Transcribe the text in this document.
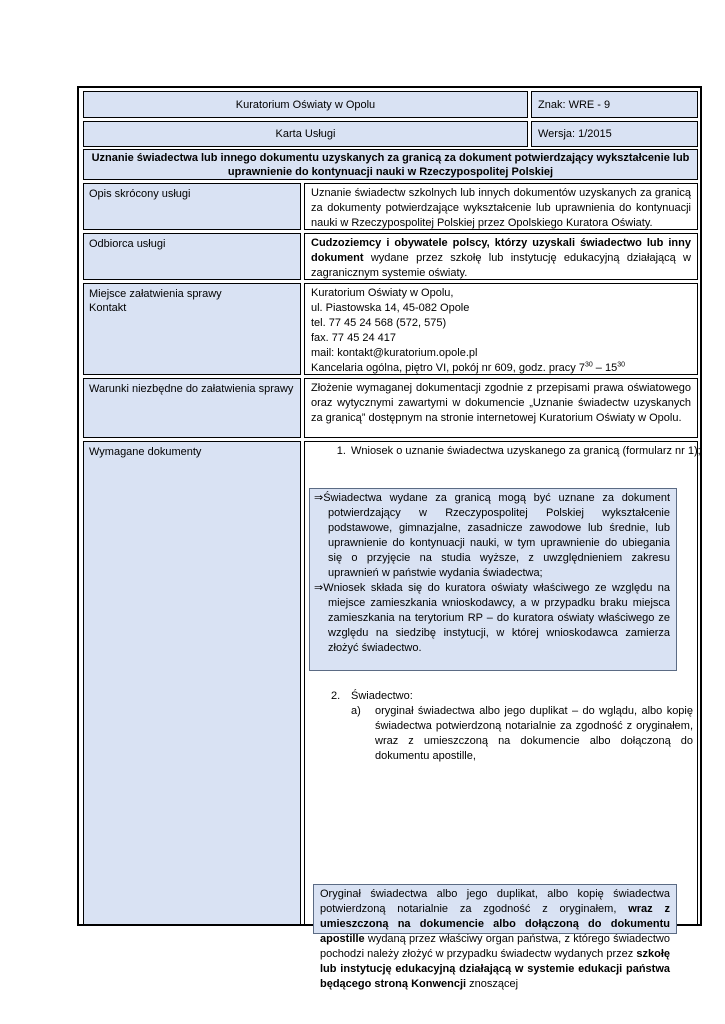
Kuratorium Oświaty w Opolu	Znak: WRE - 9
Karta Usługi	Wersja: 1/2015
Uznanie świadectwa lub innego dokumentu uzyskanych za granicą za dokument potwierdzający wykształcenie lub uprawnienie do kontynuacji nauki w Rzeczypospolitej Polskiej
Opis skrócony usługi	Uznanie świadectw szkolnych lub innych dokumentów uzyskanych za granicą za dokumenty potwierdzające wykształcenie lub uprawnienia do kontynuacji nauki w Rzeczypospolitej Polskiej przez Opolskiego Kuratora Oświaty.
Odbiorca usługi	Cudzoziemcy i obywatele polscy, którzy uzyskali świadectwo lub inny dokument wydane przez szkołę lub instytucję edukacyjną działającą w zagranicznym systemie oświaty.
Miejsce załatwienia sprawy
Kontakt
Kuratorium Oświaty w Opolu,
ul. Piastowska 14, 45-082 Opole
tel. 77 45 24 568 (572, 575)
fax. 77 45 24 417
mail: kontakt@kuratorium.opole.pl
Kancelaria ogólna, piętro VI, pokój nr 609, godz. pracy $7^{30} - 15^{30}$
Warunki niezbędne do załatwienia sprawy	Złożenie wymaganej dokumentacji zgodnie z przepisami prawa oświatowego oraz wytycznymi zawartymi w dokumencie „Uznanie świadectw uzyskanych za granicą” dostępnym na stronie internetowej Kuratorium Oświaty w Opolu.
Wymagane dokumenty
1.	Wniosek o uznanie świadectwa uzyskanego za granicą (formularz nr 1);

⇒Świadectwa wydane za granicą mogą być uznane za dokument potwierdzający w Rzeczypospolitej Polskiej wykształcenie podstawowe, gimnazjalne, zasadnicze zawodowe lub średnie, lub uprawnienie do kontynuacji nauki, w tym uprawnienie do ubiegania się o przyjęcie na studia wyższe, z uwzględnieniem zakresu uprawnień w państwie wydania świadectwa;

⇒Wniosek składa się do kuratora oświaty właściwego ze względu na miejsce zamieszkania wnioskodawcy, a w przypadku braku miejsca zamieszkania na terytorium RP – do kuratora oświaty właściwego ze względu na siedzibę instytucji, w której wnioskodawca zamierza złożyć świadectwo.

2. Świadectwo:
a)	oryginał świadectwa albo jego duplikat – do wglądu, albo kopię świadectwa potwierdzoną notarialnie za zgodność z oryginałem, wraz z umieszczoną na dokumencie albo dołączoną do dokumentu apostille,
Oryginał świadectwa albo jego duplikat, albo kopię świadectwa potwierdzoną notarialnie za zgodność z oryginałem, wraz z umieszczoną na dokumencie albo dołączoną do dokumentu apostille wydaną przez właściwy organ państwa, z którego świadectwo pochodzi należy złożyć w przypadku świadectw wydanych przez szkołę lub instytucję edukacyjną działającą w systemie edukacji państwa będącego stroną Konwencji znoszącej
